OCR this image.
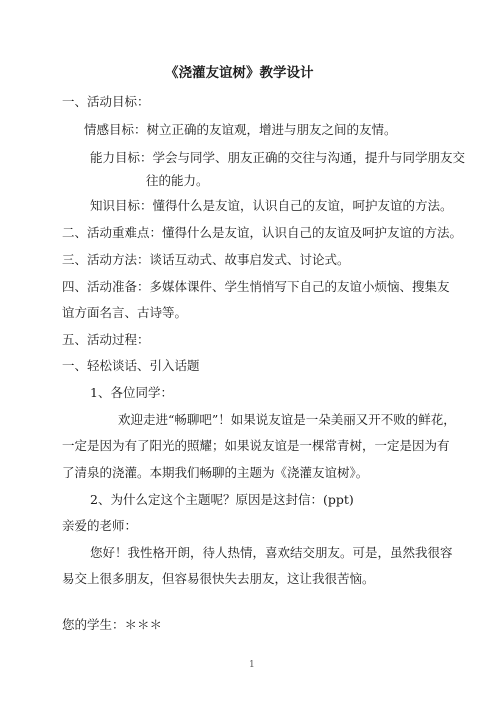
《浇灌友谊树》教学设计
一、活动目标：
情感目标：树立正确的友谊观，增进与朋友之间的友情。
能力目标：学会与同学、朋友正确的交往与沟通，提升与同学朋友交
往的能力。
知识目标：懂得什么是友谊，认识自己的友谊，呵护友谊的方法。
二、活动重难点：懂得什么是友谊，认识自己的友谊及呵护友谊的方法。
三、活动方法：谈话互动式、故事启发式、讨论式。
四、活动准备：多媒体课件、学生悄悄写下自己的友谊小烦恼、搜集友
谊方面名言、古诗等。
五、活动过程：
一、轻松谈话、引入话题
1、各位同学：
欢迎走进“畅聊吧”！如果说友谊是一朵美丽又开不败的鲜花，
一定是因为有了阳光的照耀；如果说友谊是一棵常青树，一定是因为有
了清泉的浇灌。本期我们畅聊的主题为《浇灌友谊树》。
2、为什么定这个主题呢？原因是这封信：(ppt)
亲爱的老师：
您好！我性格开朗，待人热情，喜欢结交朋友。可是，虽然我很容
易交上很多朋友，但容易很快失去朋友，这让我很苦恼。
您的学生：＊＊＊
1
